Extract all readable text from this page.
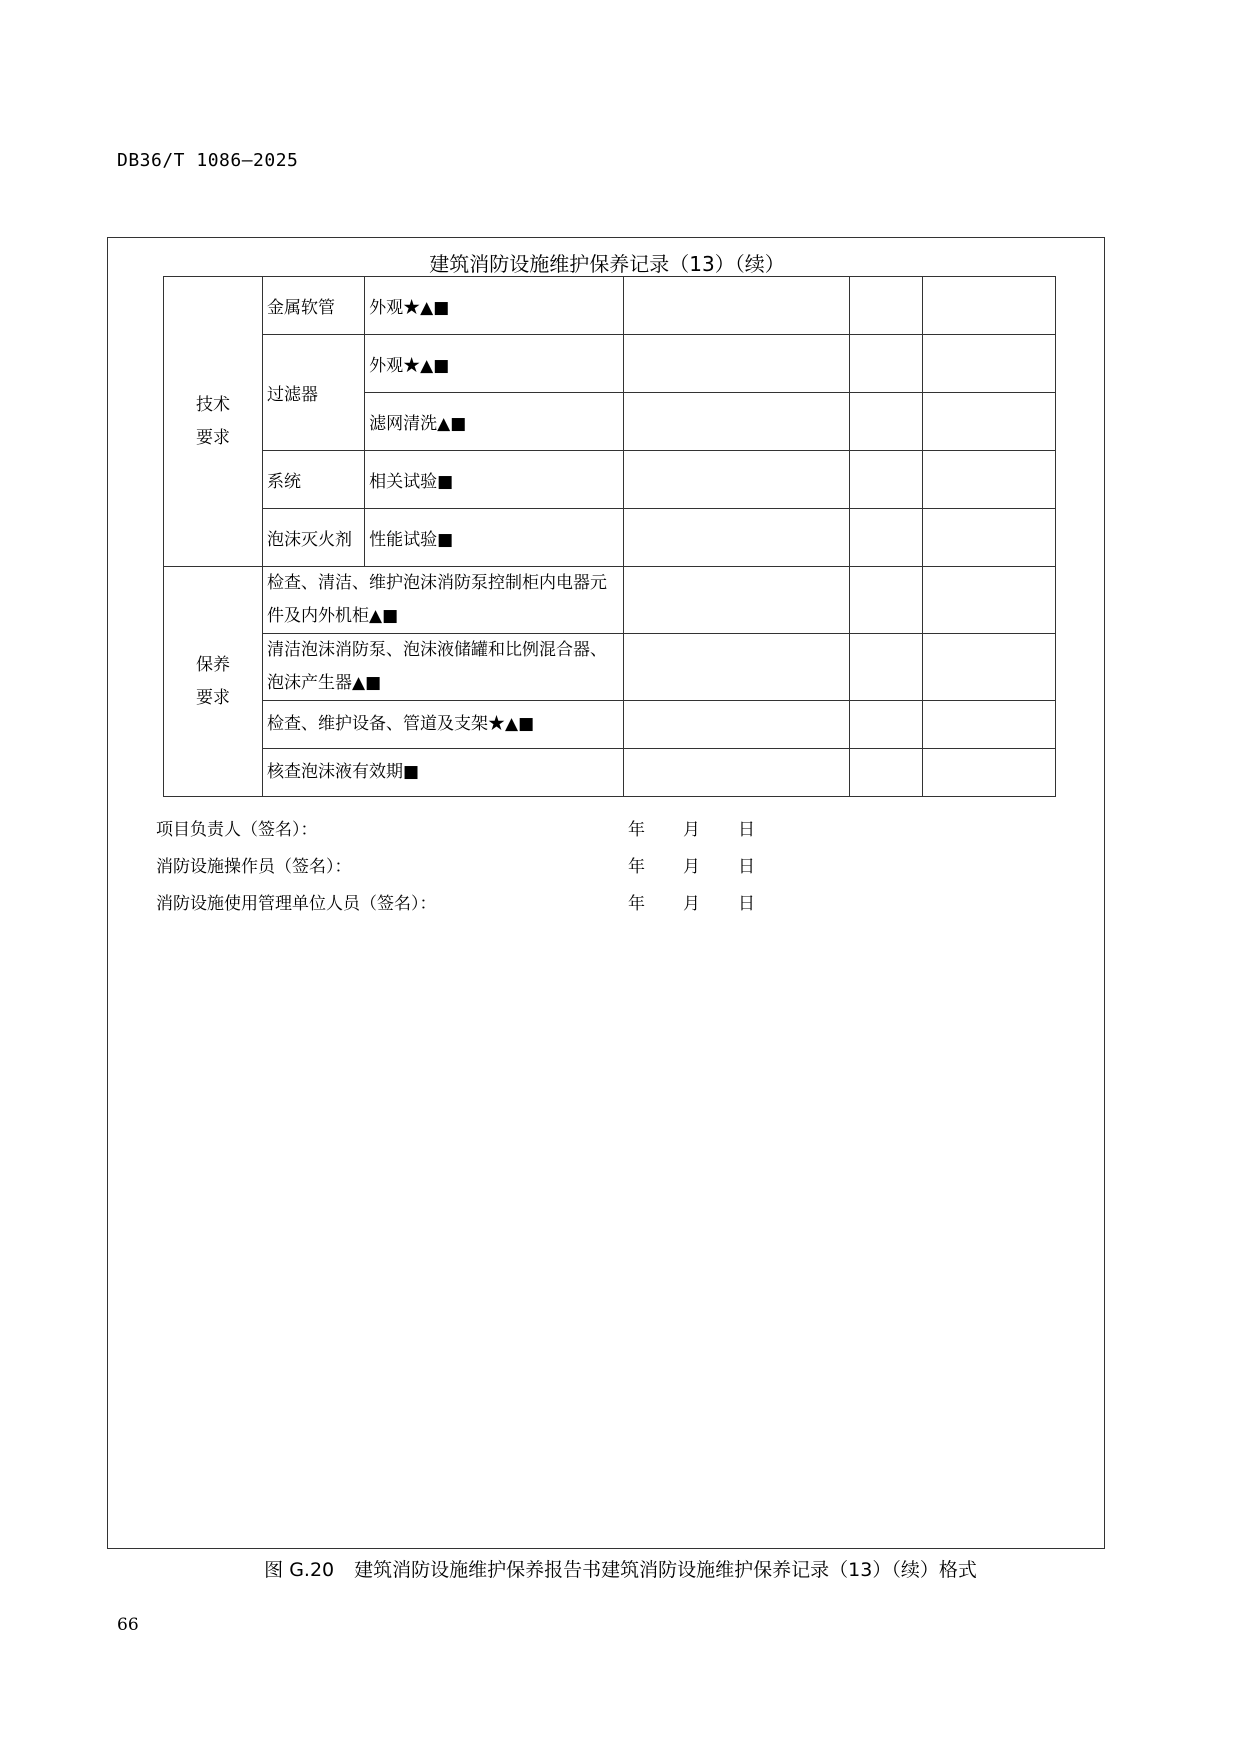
DB36/T 1086—2025
建筑消防设施维护保养记录（13）（续）
技术
要求	金属软管	外观★▲■			
	过滤器	外观★▲■			
		滤网清洗▲■			
	系统	相关试验■			
	泡沫灭火剂	性能试验■			
保养
要求	检查、清洁、维护泡沫消防泵控制柜内电器元件及内外机柜▲■				
	清洁泡沫消防泵、泡沫液储罐和比例混合器、泡沫产生器▲■				
	检查、维护设备、管道及支架★▲■				
	核查泡沫液有效期■				
项目负责人（签名）：	年 月 日
消防设施操作员（签名）：	年 月 日
消防设施使用管理单位人员（签名）：	年 月 日
图 G.20 建筑消防设施维护保养报告书建筑消防设施维护保养记录（13）（续）格式
66
